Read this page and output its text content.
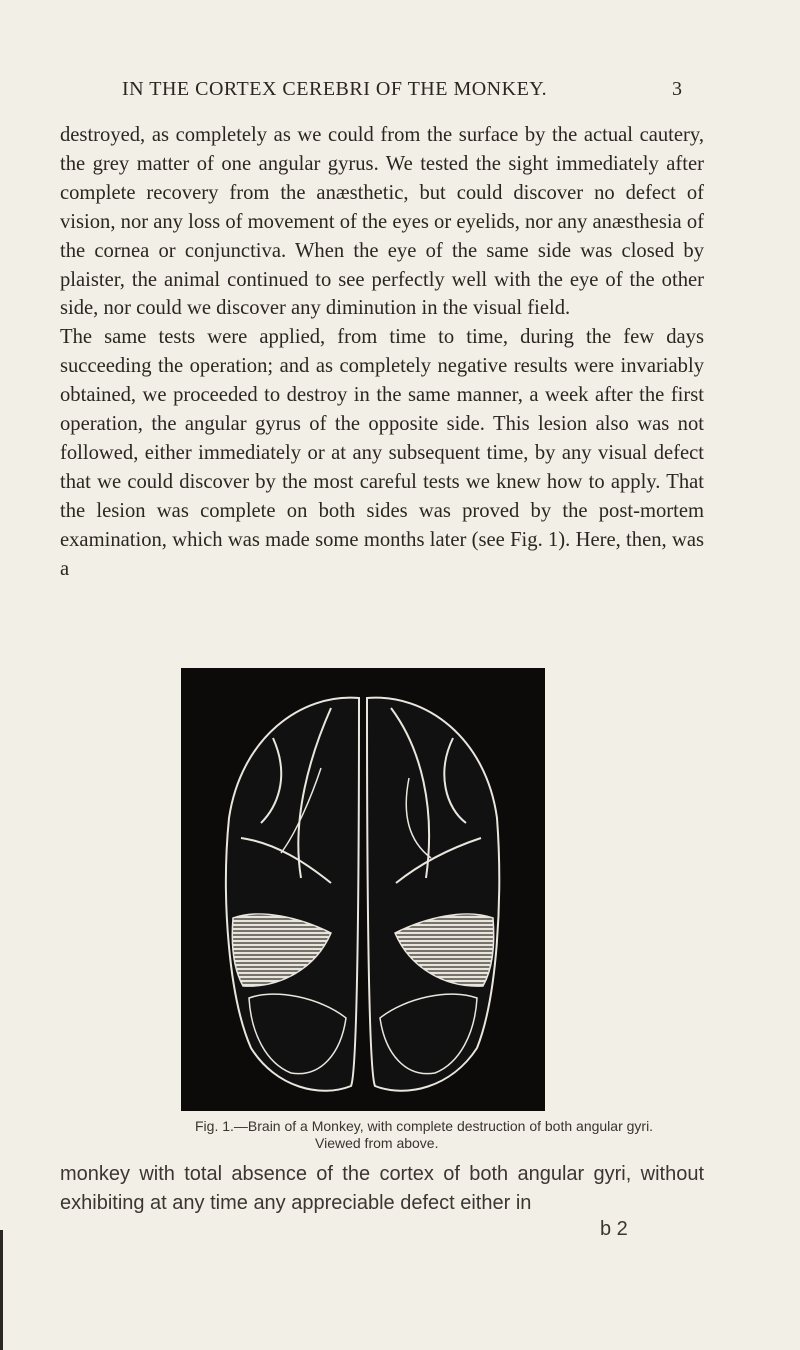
IN THE CORTEX CEREBRI OF THE MONKEY.	3

destroyed, as completely as we could from the surface by the actual cautery, the grey matter of one angular gyrus. We tested the sight immediately after complete recovery from the anæsthetic, but could discover no defect of vision, nor any loss of movement of the eyes or eyelids, nor any anæsthesia of the cornea or conjunctiva. When the eye of the same side was closed by plaister, the animal continued to see perfectly well with the eye of the other side, nor could we discover any diminution in the visual field.

The same tests were applied, from time to time, during the few days succeeding the operation; and as completely negative results were invariably obtained, we proceeded to destroy in the same manner, a week after the first operation, the angular gyrus of the opposite side. This lesion also was not followed, either immediately or at any subsequent time, by any visual defect that we could discover by the most careful tests we knew how to apply. That the lesion was complete on both sides was proved by the post-mortem examination, which was made some months later (see Fig. 1). Here, then, was a

Fig. 1.—Brain of a Monkey, with complete destruction of both angular gyri.
Viewed from above.

monkey with total absence of the cortex of both angular gyri, without exhibiting at any time any appreciable defect either in

b 2
